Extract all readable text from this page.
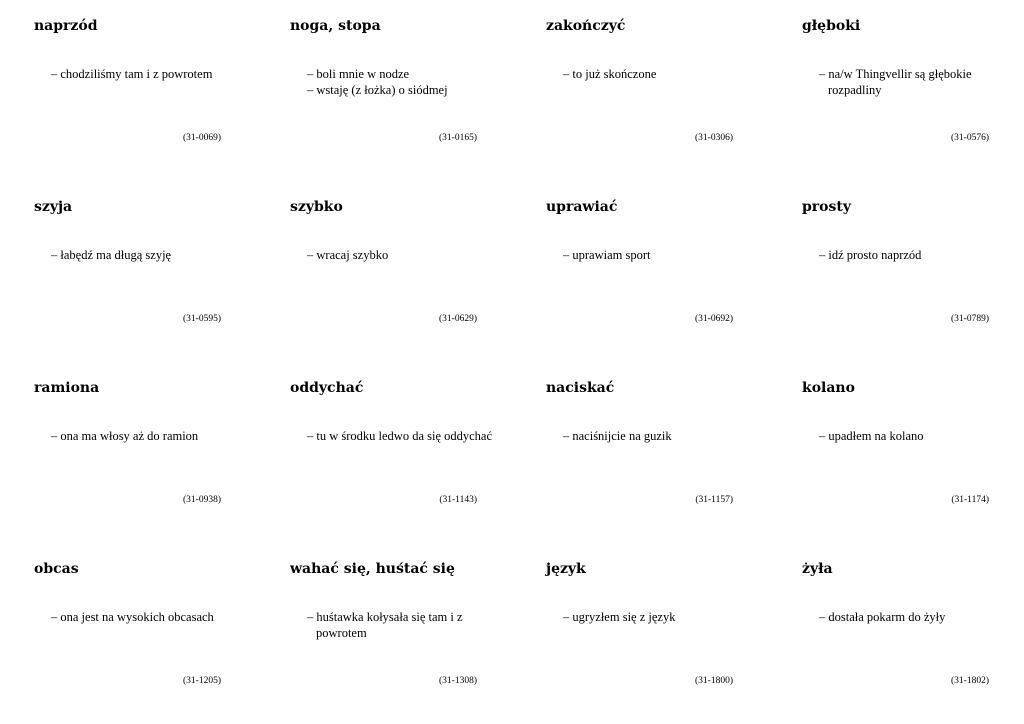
naprzód
– chodziliśmy tam i z powrotem
(31-0069)
noga, stopa
– boli mnie w nodze
– wstaję (z łożka) o siódmej
(31-0165)
zakończyć
– to już skończone
(31-0306)
głęboki
– na/w Thingvellir są głębokie rozpadliny
(31-0576)
szyja
– łabędź ma długą szyję
(31-0595)
szybko
– wracaj szybko
(31-0629)
uprawiać
– uprawiam sport
(31-0692)
prosty
– idź prosto naprzód
(31-0789)
ramiona
– ona ma włosy aż do ramion
(31-0938)
oddychać
– tu w środku ledwo da się oddychać
(31-1143)
naciskać
– naciśnijcie na guzik
(31-1157)
kolano
– upadłem na kolano
(31-1174)
obcas
– ona jest na wysokich obcasach
(31-1205)
wahać się, huśtać się
– huśtawka kołysała się tam i z powrotem
(31-1308)
język
– ugryzłem się z język
(31-1800)
żyła
– dostała pokarm do żyły
(31-1802)
